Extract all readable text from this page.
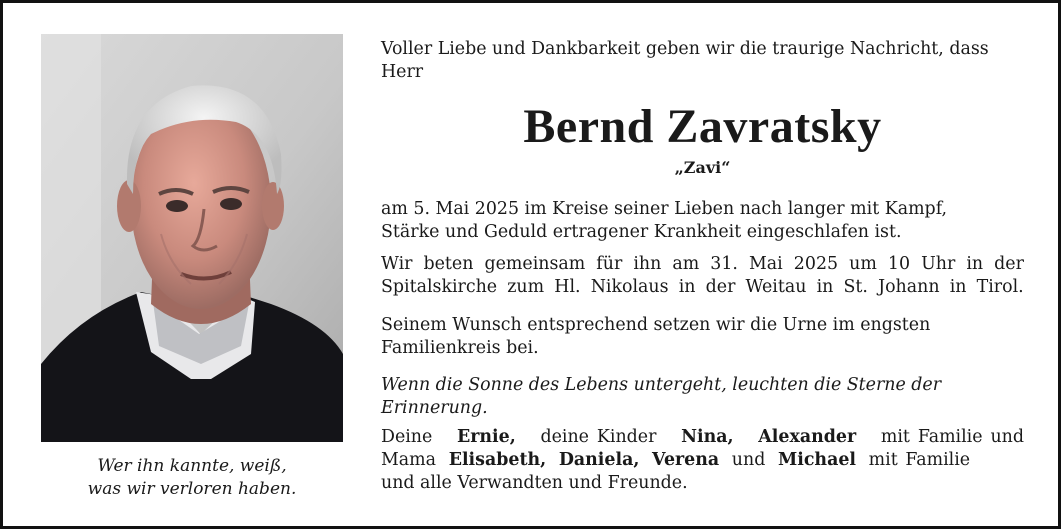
Wer ihn kannte, weiß,
was wir verloren haben.
Voller Liebe und Dankbarkeit geben wir die traurige Nachricht, dass
Herr
Bernd Zavratsky
„Zavi“
am 5. Mai 2025 im Kreise seiner Lieben nach langer mit Kampf,
Stärke und Geduld ertragener Krankheit eingeschlafen ist.
Wir beten gemeinsam für ihn am 31. Mai 2025 um 10 Uhr in der
Spitalskirche zum Hl. Nikolaus in der Weitau in St. Johann in Tirol.
Seinem Wunsch entsprechend setzen wir die Urne im engsten
Familienkreis bei.
Wenn die Sonne des Lebens untergeht, leuchten die Sterne der
Erinnerung.
Deine Ernie, deine Kinder Nina, Alexander mit Familie und
Mama Elisabeth, Daniela, Verena und Michael mit Familie
und alle Verwandten und Freunde.
